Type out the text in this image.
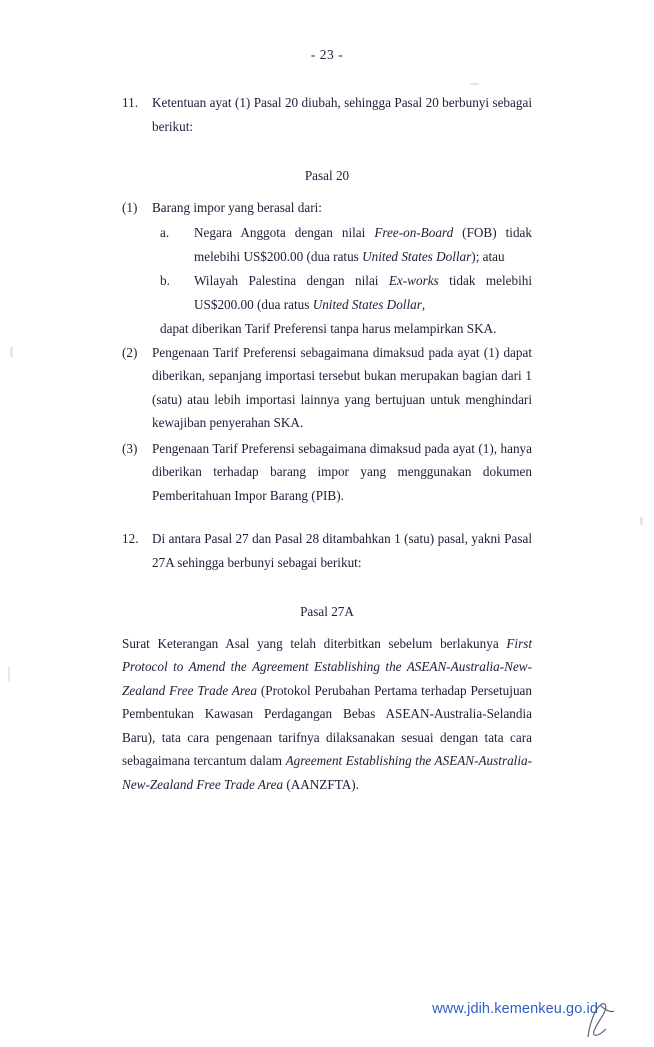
- 23 -
11.	Ketentuan ayat (1) Pasal 20 diubah, sehingga Pasal 20 berbunyi sebagai berikut:
Pasal 20
(1)	Barang impor yang berasal dari:
a.	Negara Anggota dengan nilai Free-on-Board (FOB) tidak melebihi US$200.00 (dua ratus United States Dollar); atau
b.	Wilayah Palestina dengan nilai Ex-works tidak melebihi US$200.00 (dua ratus United States Dollar,
dapat diberikan Tarif Preferensi tanpa harus melampirkan SKA.
(2)	Pengenaan Tarif Preferensi sebagaimana dimaksud pada ayat (1) dapat diberikan, sepanjang importasi tersebut bukan merupakan bagian dari 1 (satu) atau lebih importasi lainnya yang bertujuan untuk menghindari kewajiban penyerahan SKA.
(3)	Pengenaan Tarif Preferensi sebagaimana dimaksud pada ayat (1), hanya diberikan terhadap barang impor yang menggunakan dokumen Pemberitahuan Impor Barang (PIB).
12.	Di antara Pasal 27 dan Pasal 28 ditambahkan 1 (satu) pasal, yakni Pasal 27A sehingga berbunyi sebagai berikut:
Pasal 27A
Surat Keterangan Asal yang telah diterbitkan sebelum berlakunya First Protocol to Amend the Agreement Establishing the ASEAN-Australia-New-Zealand Free Trade Area (Protokol Perubahan Pertama terhadap Persetujuan Pembentukan Kawasan Perdagangan Bebas ASEAN-Australia-Selandia Baru), tata cara pengenaan tarifnya dilaksanakan sesuai dengan tata cara sebagaimana tercantum dalam Agreement Establishing the ASEAN-Australia-New-Zealand Free Trade Area (AANZFTA).
www.jdih.kemenkeu.go.id
